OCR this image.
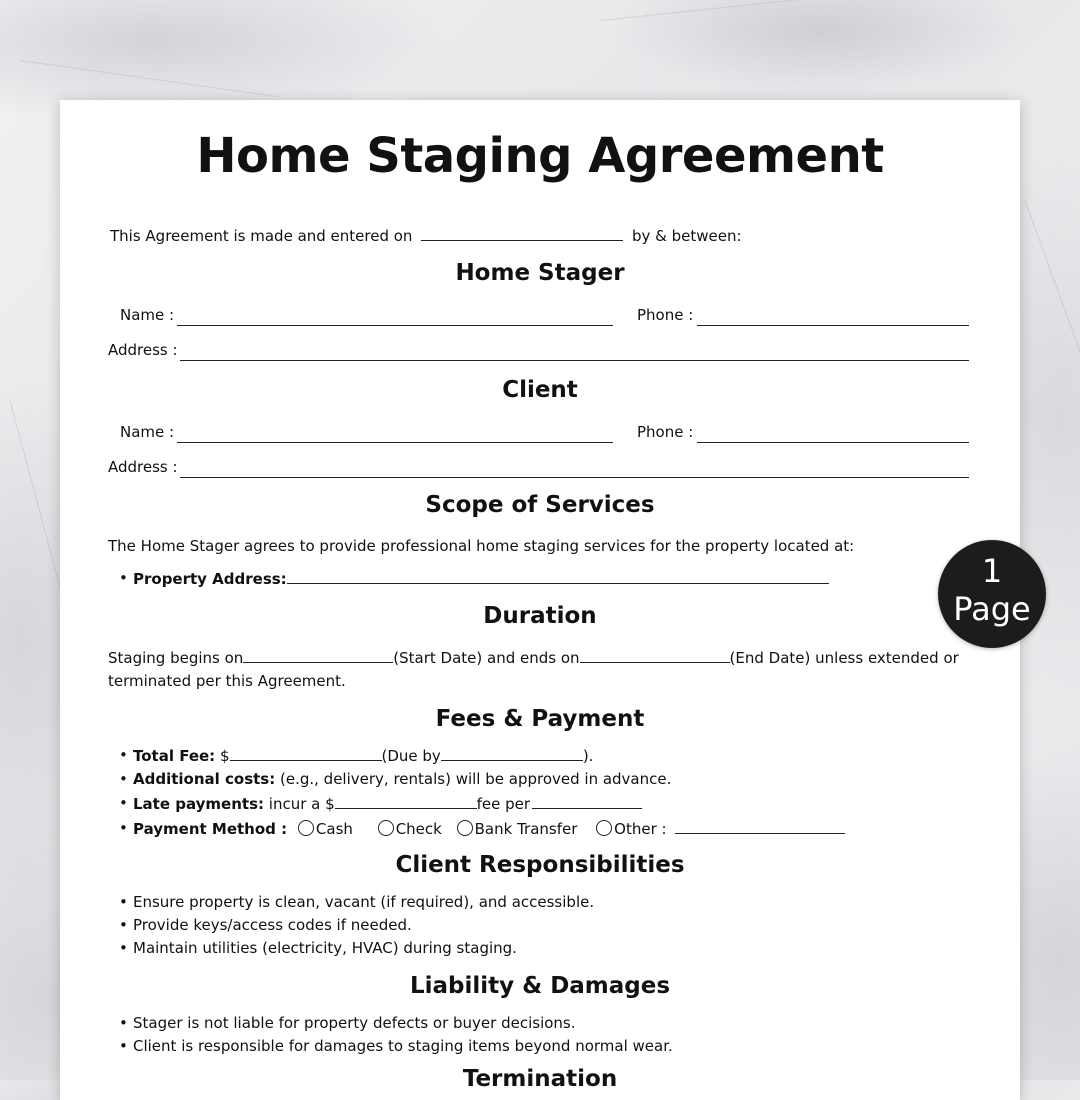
Home Staging Agreement
This Agreement is made and entered on	by & between:
Home Stager
Name :	Phone :
Address :
Client
Name :	Phone :
Address :
Scope of Services
The Home Stager agrees to provide professional home staging services for the property located at:
• Property Address:
Duration
Staging begins on	(Start Date) and ends on	(End Date) unless extended or
terminated per this Agreement.
Fees & Payment
• Total Fee: $	(Due by	).
• Additional costs: (e.g., delivery, rentals) will be approved in advance.
• Late payments: incur a $	fee per
• Payment Method : Cash	Check Bank Transfer Other :
Client Responsibilities
• Ensure property is clean, vacant (if required), and accessible.
• Provide keys/access codes if needed.
• Maintain utilities (electricity, HVAC) during staging.
Liability & Damages
• Stager is not liable for property defects or buyer decisions.
• Client is responsible for damages to staging items beyond normal wear.
Termination
1
Page
